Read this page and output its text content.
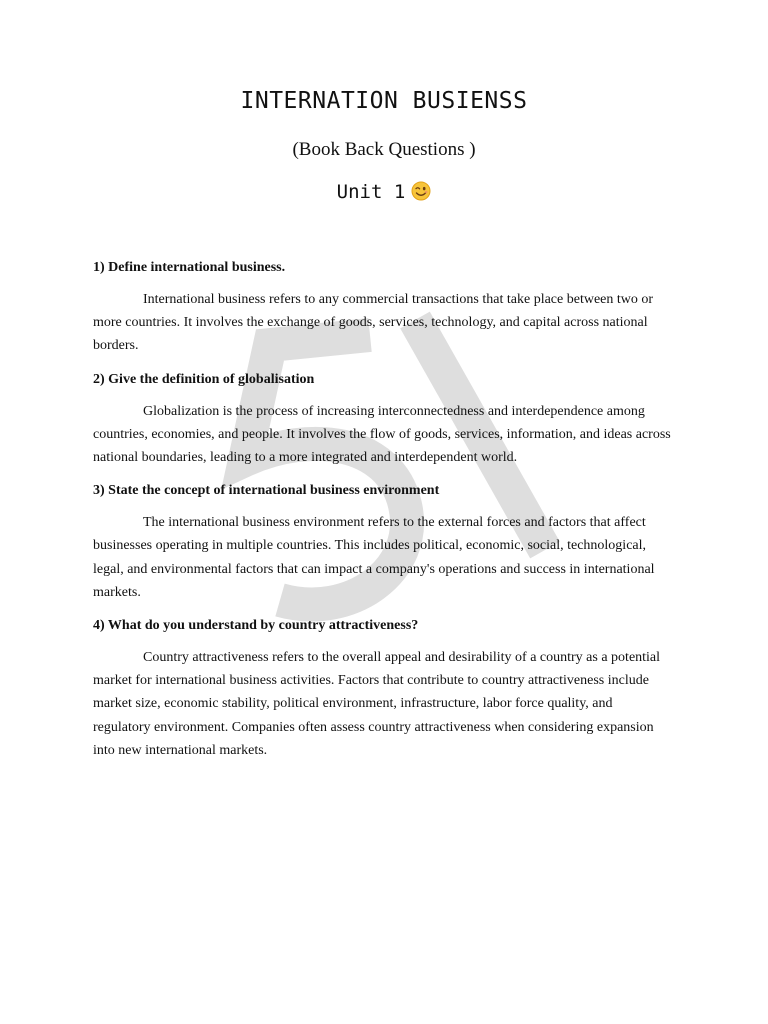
INTERNATION BUSIENSS

(Book Back Questions )

Unit 1

1) Define international business.

International business refers to any commercial transactions that take place between two or more countries. It involves the exchange of goods, services, technology, and capital across national borders.

2) Give the definition of globalisation

Globalization is the process of increasing interconnectedness and interdependence among countries, economies, and people. It involves the flow of goods, services, information, and ideas across national boundaries, leading to a more integrated and interdependent world.

3) State the concept of international business environment

The international business environment refers to the external forces and factors that affect businesses operating in multiple countries. This includes political, economic, social, technological, legal, and environmental factors that can impact a company's operations and success in international markets.

4) What do you understand by country attractiveness?

Country attractiveness refers to the overall appeal and desirability of a country as a potential market for international business activities. Factors that contribute to country attractiveness include market size, economic stability, political environment, infrastructure, labor force quality, and regulatory environment. Companies often assess country attractiveness when considering expansion into new international markets.
